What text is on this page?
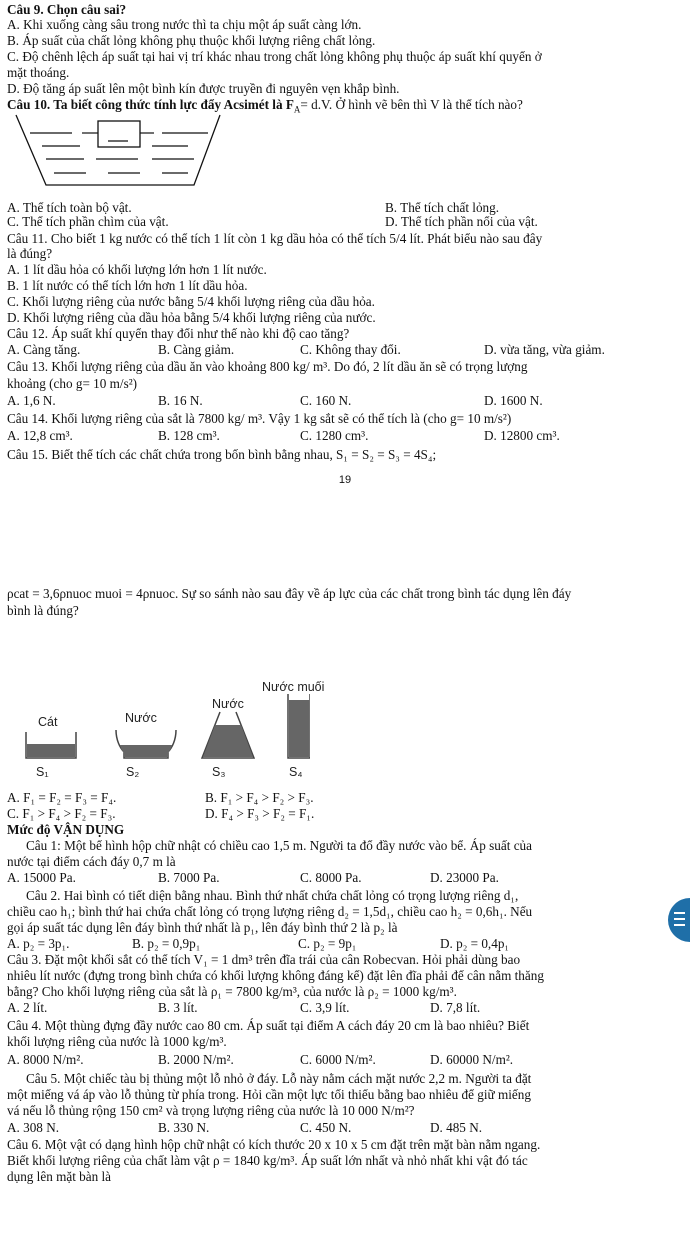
Câu 9. Chọn câu sai?
A. Khi xuống càng sâu trong nước thì ta chịu một áp suất càng lớn.
B. Áp suất của chất lỏng không phụ thuộc khối lượng riêng chất lỏng.
C. Độ chênh lệch áp suất tại hai vị trí khác nhau trong chất lỏng không phụ thuộc áp suất khí quyển ở
mặt thoáng.
D. Độ tăng áp suất lên một bình kín được truyền đi nguyên vẹn khắp bình.
Câu 10. Ta biết công thức tính lực đẩy Acsimét là $F_A= d.V$. Ở hình vẽ bên thì V là thể tích nào?
A. Thể tích toàn bộ vật.	B. Thể tích chất lỏng.
C. Thể tích phần chìm của vật.	D. Thể tích phần nổi của vật.
Câu 11. Cho biết 1 kg nước có thể tích 1 lít còn 1 kg dầu hỏa có thể tích 5/4 lít. Phát biểu nào sau đây
là đúng?
A. 1 lít dầu hỏa có khối lượng lớn hơn 1 lít nước.
B. 1 lít nước có thể tích lớn hơn 1 lít dầu hỏa.
C. Khối lượng riêng của nước bằng 5/4 khối lượng riêng của dầu hỏa.
D. Khối lượng riêng của dầu hỏa bằng 5/4 khối lượng riêng của nước.
Câu 12. Áp suất khí quyển thay đổi như thế nào khi độ cao tăng?
A. Càng tăng.	B. Càng giảm.	C. Không thay đổi.	D. vừa tăng, vừa giảm.
Câu 13. Khối lượng riêng của dầu ăn vào khoảng 800 kg/ m³. Do đó, 2 lít dầu ăn sẽ có trọng lượng
khoảng (cho g= 10 m/s²)
A. 1,6 N.	B. 16 N.	C. 160 N.	D. 1600 N.
Câu 14. Khối lượng riêng của sắt là 7800 kg/ m³. Vậy 1 kg sắt sẽ có thể tích là (cho g= 10 m/s²)
A. 12,8 cm³.	B. 128 cm³.	C. 1280 cm³.	D. 12800 cm³.
Câu 15. Biết thể tích các chất chứa trong bốn bình bằng nhau, S₁ = S₂ = S₃ = 4S₄;
19
ρcat = 3,6ρnuoc muoi = 4ρnuoc. Sự so sánh nào sau đây về áp lực của các chất trong bình tác dụng lên đáy
bình là đúng?
Nước muối
Nước
Cát	Nước
S₁	S₂	S₃	S₄
A. F₁ = F₂ = F₃ = F₄.	B. F₁ > F₄ > F₂ > F₃.
C. F₁ > F₄ > F₂ = F₃.	D. F₄ > F₃ > F₂ = F₁.
Mức độ VẬN DỤNG
Câu 1: Một bể hình hộp chữ nhật có chiều cao 1,5 m. Người ta đổ đầy nước vào bể. Áp suất của
nước tại điểm cách đáy 0,7 m là
A. 15000 Pa.	B. 7000 Pa.	C. 8000 Pa.	D. 23000 Pa.
Câu 2. Hai bình có tiết diện bằng nhau. Bình thứ nhất chứa chất lỏng có trọng lượng riêng d₁,
chiều cao h₁; bình thứ hai chứa chất lỏng có trọng lượng riêng d₂ = 1,5d₁, chiều cao h₂ = 0,6h₁. Nếu
gọi áp suất tác dụng lên đáy bình thứ nhất là p₁, lên đáy bình thứ 2 là p₂ là
A. p₂ = 3p₁.	B. p₂ = 0,9p₁	C. p₂ = 9p₁	D. p₂ = 0,4p₁
Câu 3. Đặt một khối sắt có thể tích V₁ = 1 dm³ trên đĩa trái của cân Robecvan. Hỏi phải dùng bao
nhiêu lít nước (đựng trong bình chứa có khối lượng không đáng kể) đặt lên đĩa phải để cân nằm thăng
bằng? Cho khối lượng riêng của sắt là ρ₁ = 7800 kg/m³, của nước là ρ₂ = 1000 kg/m³.
A. 2 lít.	B. 3 lít.	C. 3,9 lít.	D. 7,8 lít.
Câu 4. Một thùng đựng đầy nước cao 80 cm. Áp suất tại điểm A cách đáy 20 cm là bao nhiêu? Biết
khối lượng riêng của nước là 1000 kg/m³.
A. 8000 N/m².	B. 2000 N/m².	C. 6000 N/m².	D. 60000 N/m².
Câu 5. Một chiếc tàu bị thủng một lỗ nhỏ ở đáy. Lỗ này nằm cách mặt nước 2,2 m. Người ta đặt
một miếng vá áp vào lỗ thủng từ phía trong. Hỏi cần một lực tối thiểu bằng bao nhiêu để giữ miếng
vá nếu lỗ thủng rộng 150 cm² và trọng lượng riêng của nước là 10 000 N/m²?
A. 308 N.	B. 330 N.	C. 450 N.	D. 485 N.
Câu 6. Một vật có dạng hình hộp chữ nhật có kích thước 20 x 10 x 5 cm đặt trên mặt bàn nằm ngang.
Biết khối lượng riêng của chất làm vật ρ = 1840 kg/m³. Áp suất lớn nhất và nhỏ nhất khi vật đó tác
dụng lên mặt bàn là
